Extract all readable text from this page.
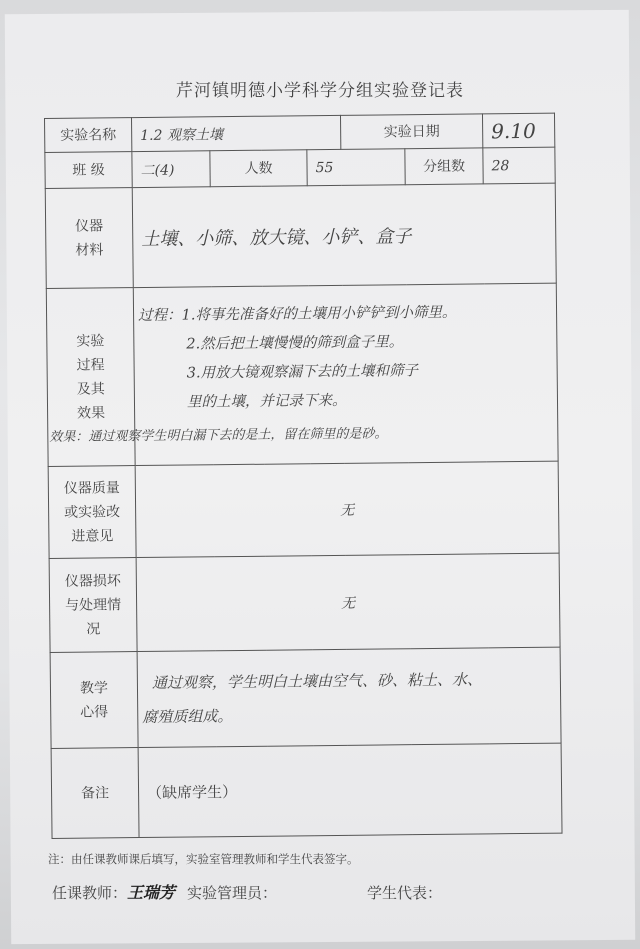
芹河镇明德小学科学分组实验登记表
实验名称	1.2 观察土壤			实验日期		9.10
班 级	二(4)	人数	55		分组数	28
仪器材料	土壤、小筛、放大镜、小铲、盒子					
实验过程及其效果	过程：1.将事先准备好的土壤用小铲铲到小筛里。

2.然后把土壤慢慢的筛到盒子里。

3.用放大镜观察漏下去的土壤和筛子

里的土壤，并记录下来。

效果：通过观察学生明白漏下去的是土，留在筛里的是砂。					

仪器质量或实验改进意见	无					
仪器损坏与处理情况	无					
教学心得	通过观察，学生明白土壤由空气、砂、粘土、水、

腐殖质组成。					

备注	（缺席学生）					
注：由任课教师课后填写，实验室管理教师和学生代表签字。
任课教师：王瑞芳 实验管理员：	学生代表：
